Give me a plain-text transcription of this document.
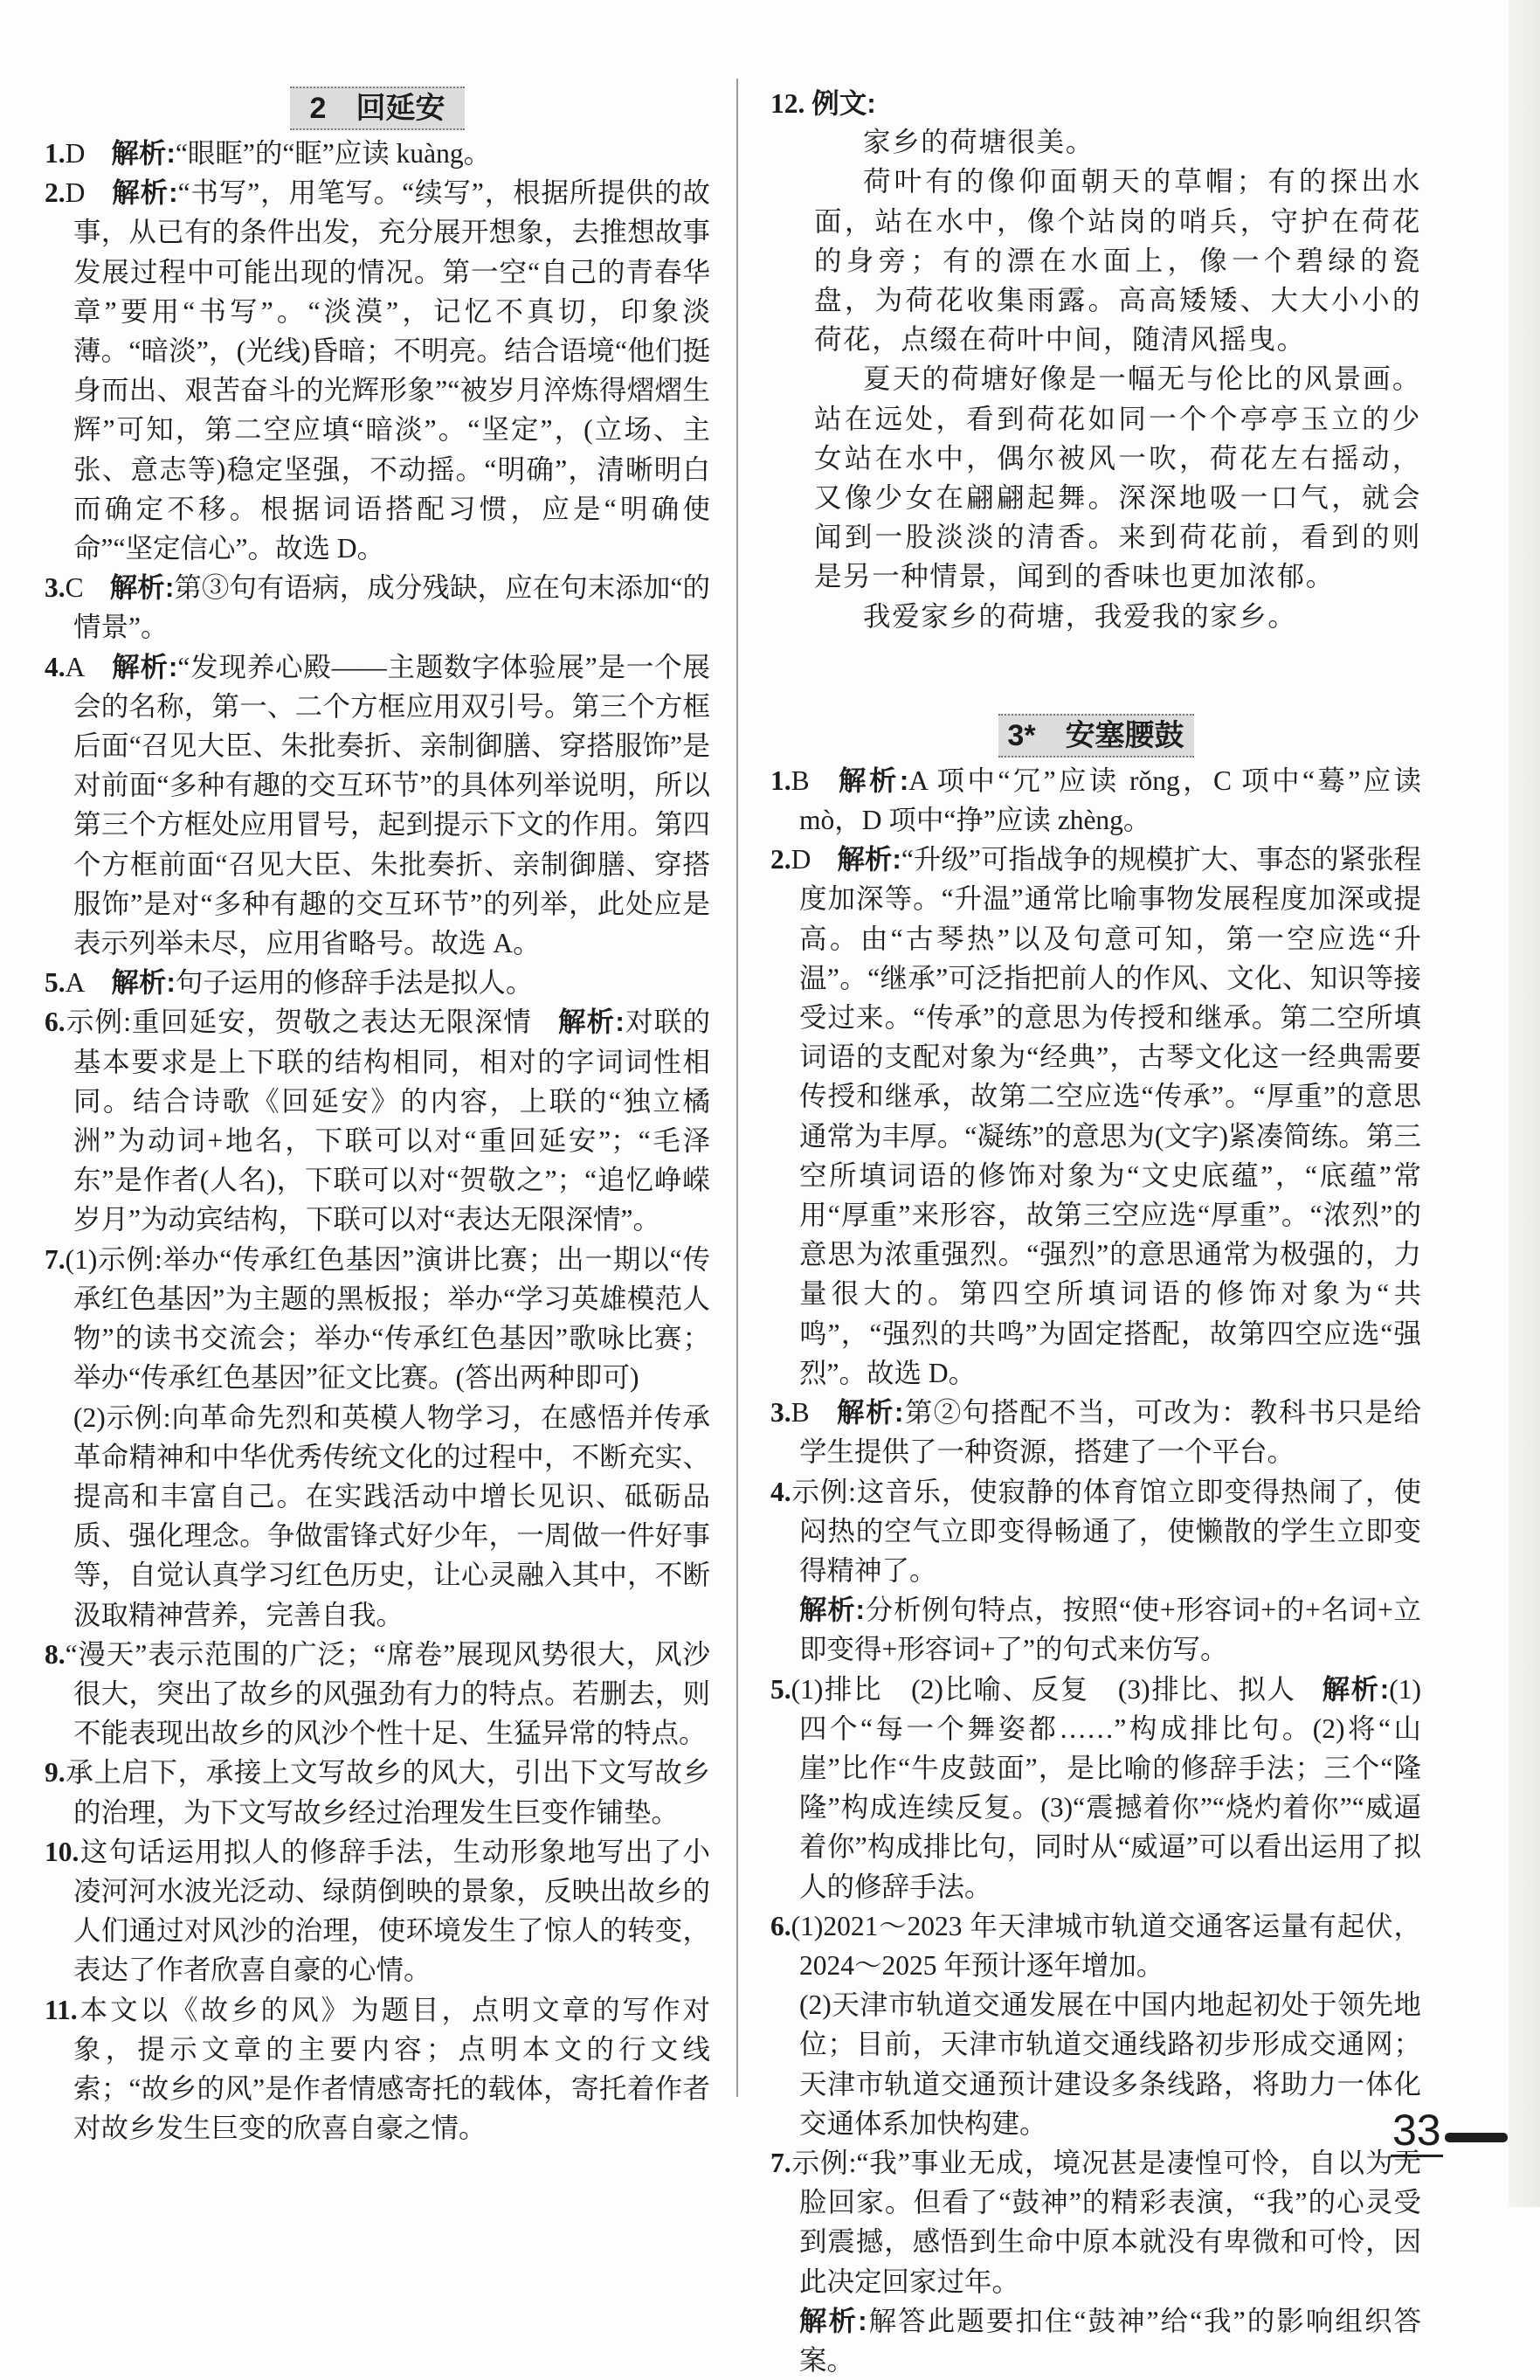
2 回延安

1.D 解析:“眼眶”的“眶”应读 kuàng。

2.D 解析:“书写”，用笔写。“续写”，根据所提供的故事，从已有的条件出发，充分展开想象，去推想故事发展过程中可能出现的情况。第一空“自己的青春华章”要用“书写”。“淡漠”，记忆不真切，印象淡薄。“暗淡”，(光线)昏暗；不明亮。结合语境“他们挺身而出、艰苦奋斗的光辉形象”“被岁月淬炼得熠熠生辉”可知，第二空应填“暗淡”。“坚定”，(立场、主张、意志等)稳定坚强，不动摇。“明确”，清晰明白而确定不移。根据词语搭配习惯，应是“明确使命”“坚定信心”。故选 D。

3.C 解析:第③句有语病，成分残缺，应在句末添加“的情景”。

4.A 解析:“发现养心殿——主题数字体验展”是一个展会的名称，第一、二个方框应用双引号。第三个方框后面“召见大臣、朱批奏折、亲制御膳、穿搭服饰”是对前面“多种有趣的交互环节”的具体列举说明，所以第三个方框处应用冒号，起到提示下文的作用。第四个方框前面“召见大臣、朱批奏折、亲制御膳、穿搭服饰”是对“多种有趣的交互环节”的列举，此处应是表示列举未尽，应用省略号。故选 A。

5.A 解析:句子运用的修辞手法是拟人。

6.示例:重回延安，贺敬之表达无限深情 解析:对联的基本要求是上下联的结构相同，相对的字词词性相同。结合诗歌《回延安》的内容，上联的“独立橘洲”为动词+地名，下联可以对“重回延安”；“毛泽东”是作者(人名)，下联可以对“贺敬之”；“追忆峥嵘岁月”为动宾结构，下联可以对“表达无限深情”。

7.(1)示例:举办“传承红色基因”演讲比赛；出一期以“传承红色基因”为主题的黑板报；举办“学习英雄模范人物”的读书交流会；举办“传承红色基因”歌咏比赛；举办“传承红色基因”征文比赛。(答出两种即可)
(2)示例:向革命先烈和英模人物学习，在感悟并传承革命精神和中华优秀传统文化的过程中，不断充实、提高和丰富自己。在实践活动中增长见识、砥砺品质、强化理念。争做雷锋式好少年，一周做一件好事等，自觉认真学习红色历史，让心灵融入其中，不断汲取精神营养，完善自我。

8.“漫天”表示范围的广泛；“席卷”展现风势很大，风沙很大，突出了故乡的风强劲有力的特点。若删去，则不能表现出故乡的风沙个性十足、生猛异常的特点。

9.承上启下，承接上文写故乡的风大，引出下文写故乡的治理，为下文写故乡经过治理发生巨变作铺垫。

10.这句话运用拟人的修辞手法，生动形象地写出了小凌河河水波光泛动、绿荫倒映的景象，反映出故乡的人们通过对风沙的治理，使环境发生了惊人的转变，表达了作者欣喜自豪的心情。

11.本文以《故乡的风》为题目，点明文章的写作对象，提示文章的主要内容；点明本文的行文线索；“故乡的风”是作者情感寄托的载体，寄托着作者对故乡发生巨变的欣喜自豪之情。

12. 例文:

家乡的荷塘很美。

荷叶有的像仰面朝天的草帽；有的探出水面，站在水中，像个站岗的哨兵，守护在荷花的身旁；有的漂在水面上，像一个碧绿的瓷盘，为荷花收集雨露。高高矮矮、大大小小的荷花，点缀在荷叶中间，随清风摇曳。

夏天的荷塘好像是一幅无与伦比的风景画。站在远处，看到荷花如同一个个亭亭玉立的少女站在水中，偶尔被风一吹，荷花左右摇动，又像少女在翩翩起舞。深深地吸一口气，就会闻到一股淡淡的清香。来到荷花前，看到的则是另一种情景，闻到的香味也更加浓郁。

我爱家乡的荷塘，我爱我的家乡。

3* 安塞腰鼓

1.B 解析:A 项中“冗”应读 rǒng，C 项中“蓦”应读 mò，D 项中“挣”应读 zhèng。

2.D 解析:“升级”可指战争的规模扩大、事态的紧张程度加深等。“升温”通常比喻事物发展程度加深或提高。由“古琴热”以及句意可知，第一空应选“升温”。“继承”可泛指把前人的作风、文化、知识等接受过来。“传承”的意思为传授和继承。第二空所填词语的支配对象为“经典”，古琴文化这一经典需要传授和继承，故第二空应选“传承”。“厚重”的意思通常为丰厚。“凝练”的意思为(文字)紧凑简练。第三空所填词语的修饰对象为“文史底蕴”，“底蕴”常用“厚重”来形容，故第三空应选“厚重”。“浓烈”的意思为浓重强烈。“强烈”的意思通常为极强的，力量很大的。第四空所填词语的修饰对象为“共鸣”，“强烈的共鸣”为固定搭配，故第四空应选“强烈”。故选 D。

3.B 解析:第②句搭配不当，可改为：教科书只是给学生提供了一种资源，搭建了一个平台。

4.示例:这音乐，使寂静的体育馆立即变得热闹了，使闷热的空气立即变得畅通了，使懒散的学生立即变得精神了。
解析:分析例句特点，按照“使+形容词+的+名词+立即变得+形容词+了”的句式来仿写。

5.(1)排比　(2)比喻、反复　(3)排比、拟人 解析:(1)四个“每一个舞姿都……”构成排比句。(2)将“山崖”比作“牛皮鼓面”，是比喻的修辞手法；三个“隆隆”构成连续反复。(3)“震撼着你”“烧灼着你”“威逼着你”构成排比句，同时从“威逼”可以看出运用了拟人的修辞手法。

6.(1)2021～2023 年天津城市轨道交通客运量有起伏，2024～2025 年预计逐年增加。
(2)天津市轨道交通发展在中国内地起初处于领先地位；目前，天津市轨道交通线路初步形成交通网；天津市轨道交通预计建设多条线路，将助力一体化交通体系加快构建。

7.示例:“我”事业无成，境况甚是凄惶可怜，自以为无脸回家。但看了“鼓神”的精彩表演，“我”的心灵受到震撼，感悟到生命中原本就没有卑微和可怜，因此决定回家过年。
解析:解答此题要扣住“鼓神”给“我”的影响组织答案。

33
